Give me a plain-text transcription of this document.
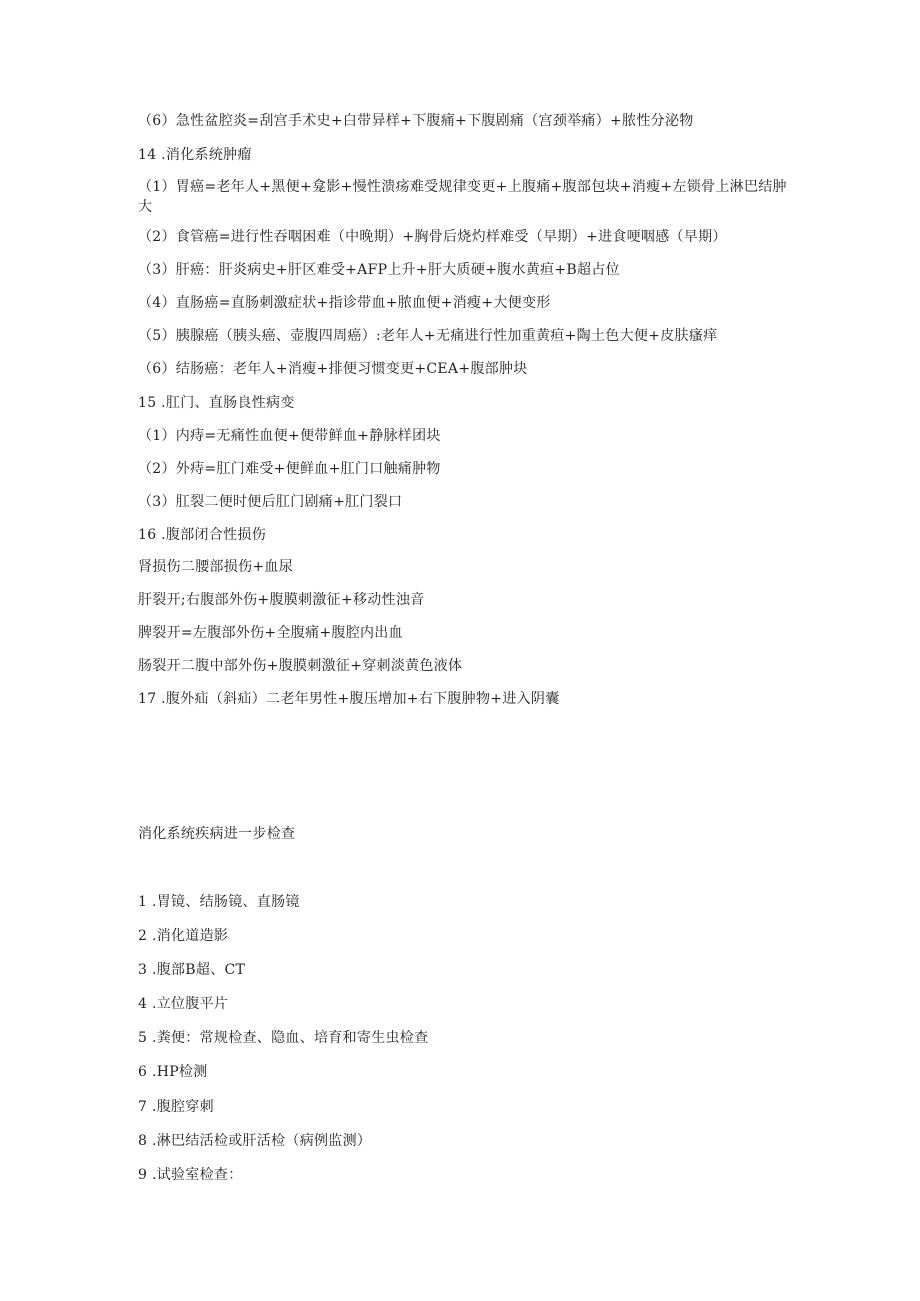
（6）急性盆腔炎=刮宫手术史+白带异样+下腹痛+下腹剧痛（宫颈举痛）+脓性分泌物
14 .消化系统肿瘤
（1）胃癌=老年人+黑便+龛影+慢性溃疡难受规律变更+上腹痛+腹部包块+消瘦+左锁骨上淋巴结肿大
（2）食管癌=进行性吞咽困难（中晚期）+胸骨后烧灼样难受（早期）+进食哽咽感（早期）
（3）肝癌：肝炎病史+肝区难受+AFP上升+肝大质硬+腹水黄疸+B超占位
（4）直肠癌=直肠刺激症状+指诊带血+脓血便+消瘦+大便变形
（5）胰腺癌（胰头癌、壶腹四周癌）:老年人+无痛进行性加重黄疸+陶土色大便+皮肤瘙痒
（6）结肠癌：老年人+消瘦+排便习惯变更+CEA+腹部肿块
15 .肛门、直肠良性病变
（1）内痔=无痛性血便+便带鲜血+静脉样团块
（2）外痔=肛门难受+便鲜血+肛门口触痛肿物
（3）肛裂二便时便后肛门剧痛+肛门裂口
16 .腹部闭合性损伤
肾损伤二腰部损伤+血尿
肝裂开;右腹部外伤+腹膜刺激征+移动性浊音
脾裂开=左腹部外伤+全腹痛+腹腔内出血
肠裂开二腹中部外伤+腹膜刺激征+穿刺淡黄色液体
17 .腹外疝（斜疝）二老年男性+腹压增加+右下腹肿物+进入阴囊
消化系统疾病进一步检查
1 .胃镜、结肠镜、直肠镜
2 .消化道造影
3 .腹部B超、CT
4 .立位腹平片
5 .粪便：常规检查、隐血、培育和寄生虫检查
6 .HP检测
7 .腹腔穿刺
8 .淋巴结活检或肝活检（病例监测）
9 .试验室检查：
